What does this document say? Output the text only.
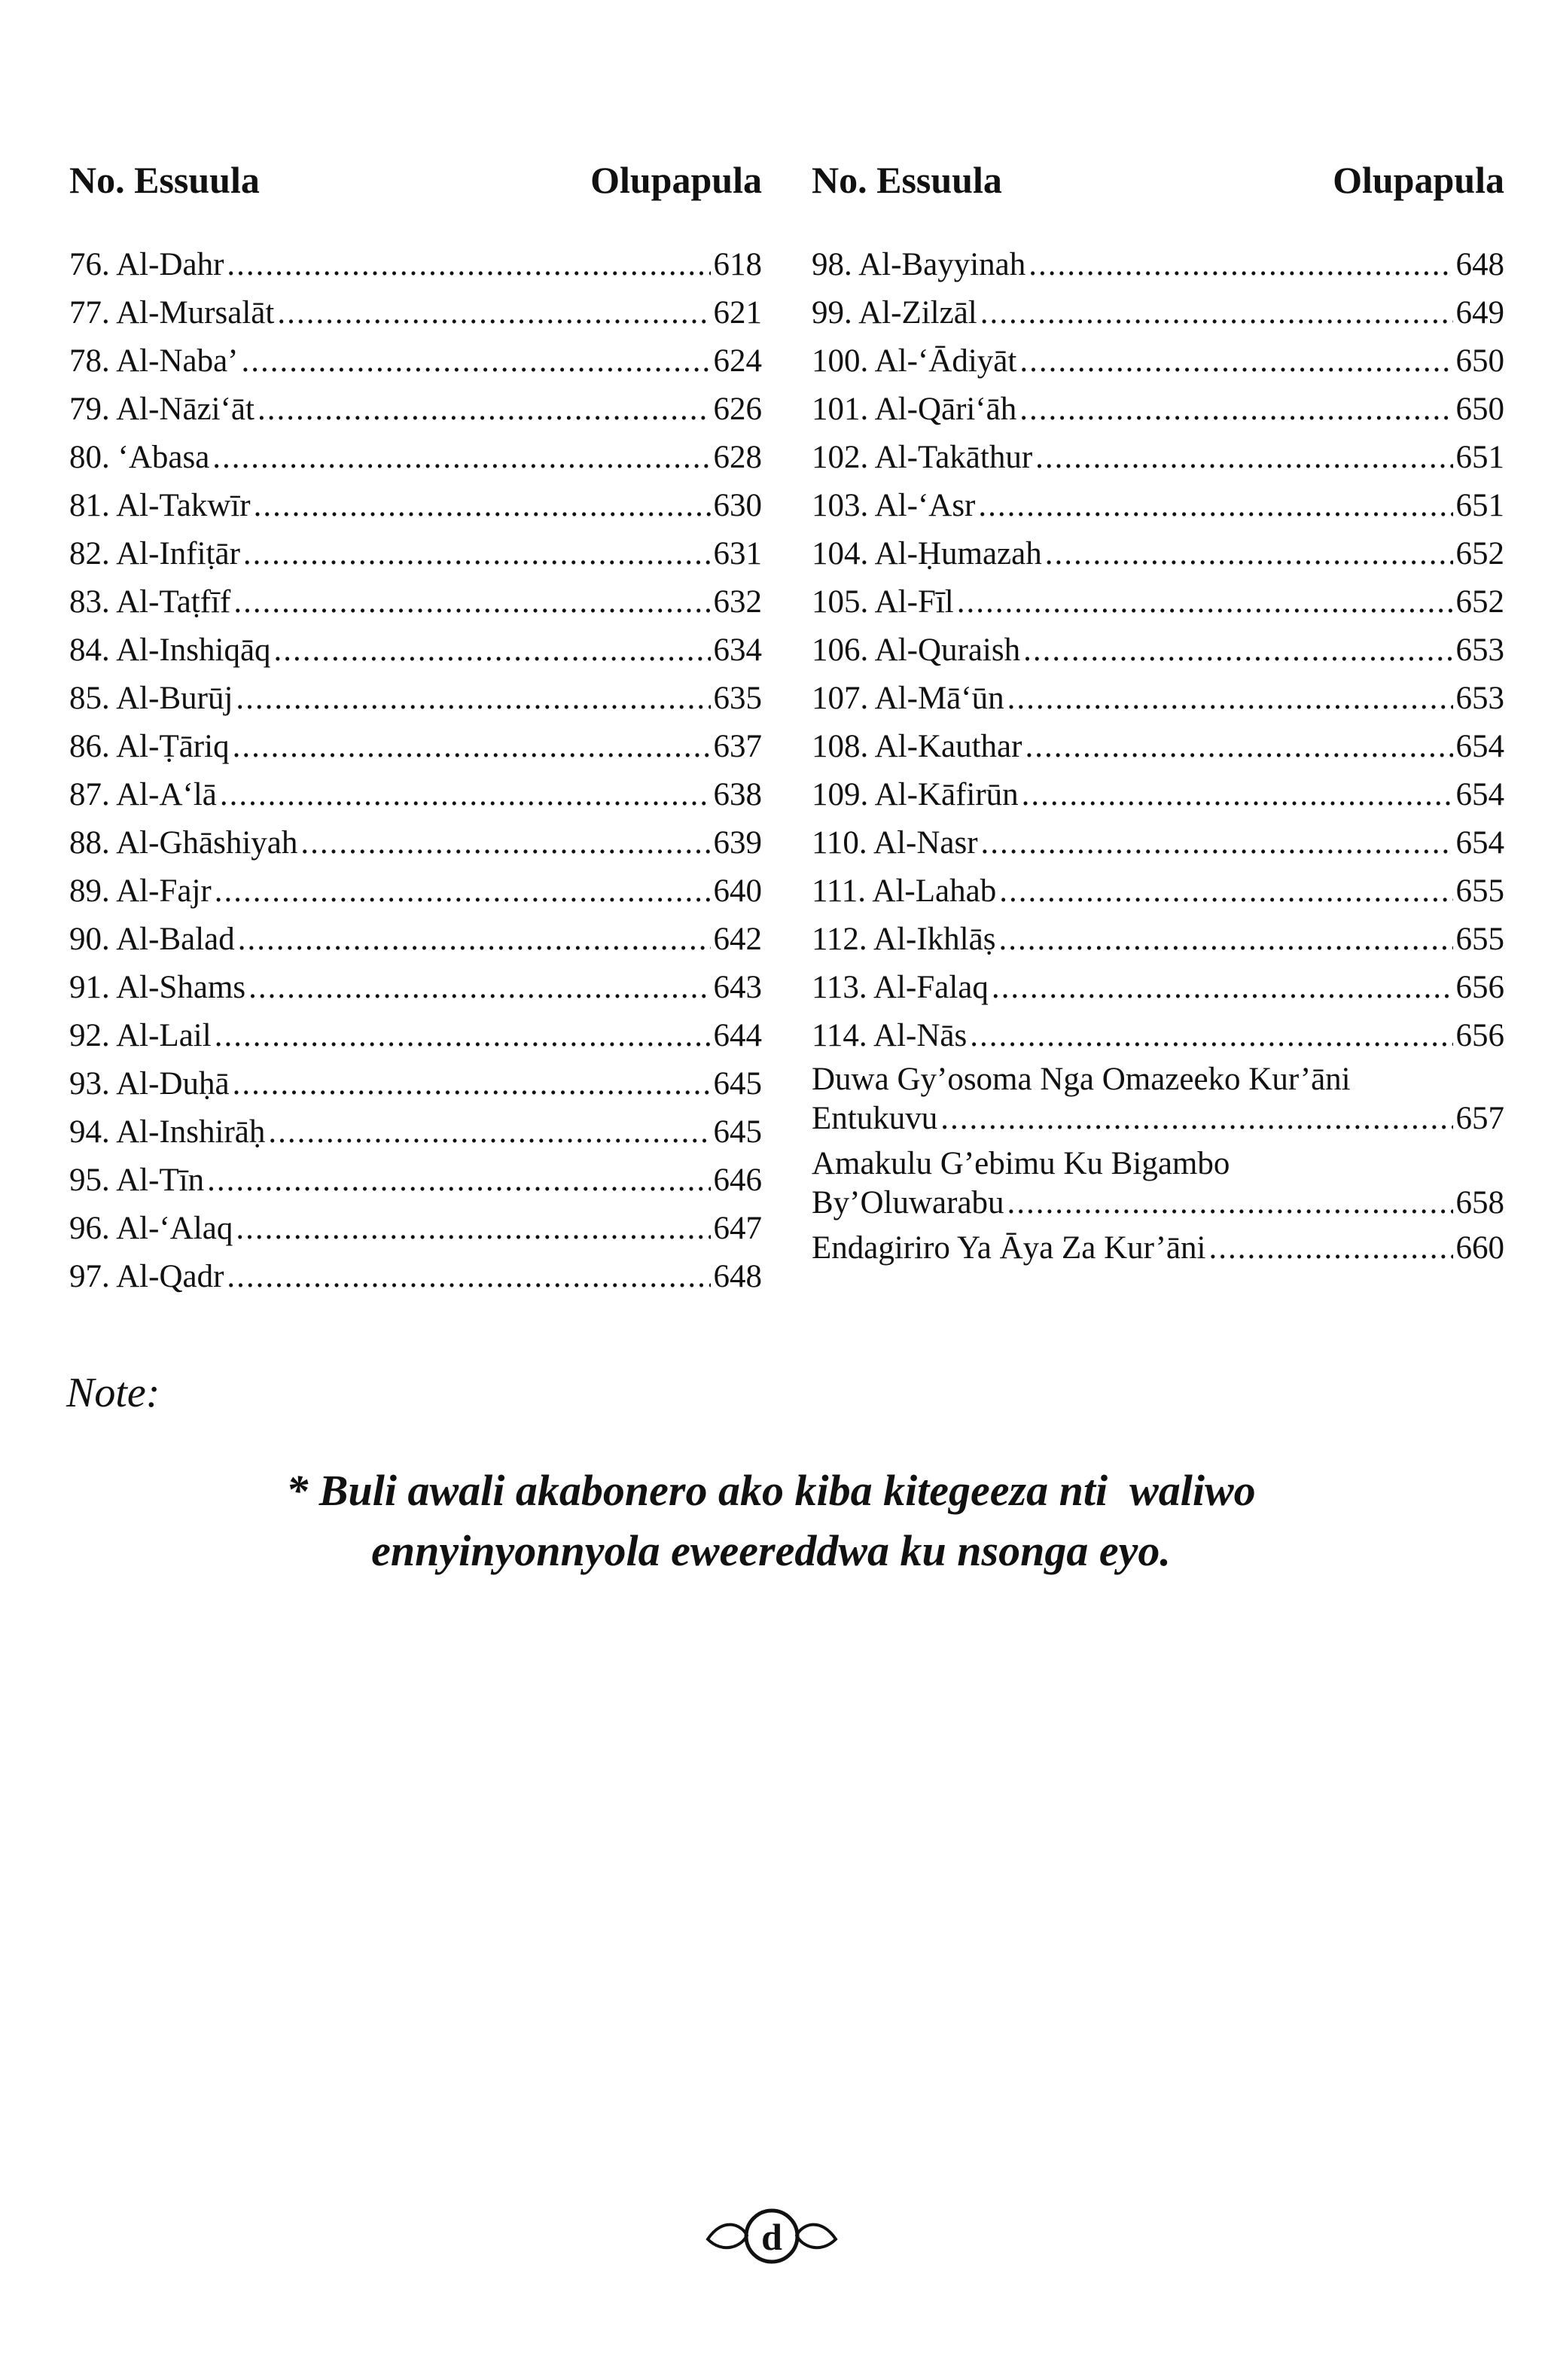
No. Essuula	Olupapula
76. Al-Dahr .....	618
77. Al-Mursalāt .....	621
78. Al-Naba’ .....	624
79. Al-Nāzi‘āt .....	626
80. ‘Abasa .....	628
81. Al-Takwīr .....	630
82. Al-Infiṭār .....	631
83. Al-Taṭfīf .....	632
84. Al-Inshiqāq .....	634
85. Al-Burūj .....	635
86. Al-Ṭāriq .....	637
87. Al-A‘lā .....	638
88. Al-Ghāshiyah .....	639
89. Al-Fajr .....	640
90. Al-Balad .....	642
91. Al-Shams .....	643
92. Al-Lail .....	644
93. Al-Duḥā .....	645
94. Al-Inshirāḥ .....	645
95. Al-Tīn .....	646
96. Al-‘Alaq .....	647
97. Al-Qadr .....	648
No. Essuula	Olupapula
98. Al-Bayyinah .....	648
99. Al-Zilzāl .....	649
100. Al-‘Ādiyāt .....	650
101. Al-Qāri‘āh .....	650
102. Al-Takāthur .....	651
103. Al-‘Asr .....	651
104. Al-Ḥumazah .....	652
105. Al-Fīl .....	652
106. Al-Quraish .....	653
107. Al-Mā‘ūn .....	653
108. Al-Kauthar .....	654
109. Al-Kāfirūn .....	654
110. Al-Nasr .....	654
111. Al-Lahab .....	655
112. Al-Ikhlāṣ .....	655
113. Al-Falaq .....	656
114. Al-Nās .....	656
Duwa Gy’osoma Nga Omazeeko Kur’āni
Entukuvu .....	657
Amakulu G’ebimu Ku Bigambo
By’Oluwarabu .....	658
Endagiriro Ya Āya Za Kur’āni .....	660
Note:
* Buli awali akabonero ako kiba kitegeeza nti  waliwo
ennyinyonnyola eweereddwa ku nsonga eyo.
d
